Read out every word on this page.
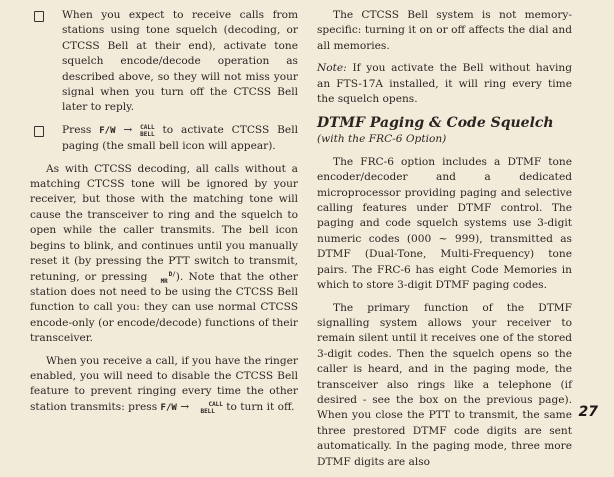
When you expect to receive calls from stations using tone squelch (decoding, or CTCSS Bell at their end), activate tone squelch encode/decode operation as described above, so they will not miss your signal when you turn off the CTCSS Bell later to reply.

Press F/W → CALL
BELL to activate CTCSS Bell paging (the small bell icon will appear).

As with CTCSS decoding, all calls without a matching CTCSS tone will be ignored by your receiver, but those with the matching tone will cause the transceiver to ring and the squelch to open while the caller transmits. The bell icon begins to blink, and continues until you manually reset it (by pressing the PTT switch to transmit, retuning, or pressing	D/
MR ). Note that the other station does not need to be using the CTCSS Bell function to call you: they can use normal CTCSS encode-only (or encode/decode) functions of their transceiver.

When you receive a call, if you have the ringer enabled, you will need to disable the CTCSS Bell feature to prevent ringing every time the other station transmits: press F/W →	CALL
BELL to turn it off.

The CTCSS Bell system is not memory-specific: turning it on or off affects the dial and all memories.

Note: If you activate the Bell without having an FTS-17A installed, it will ring every time the squelch opens.

DTMF Paging & Code Squelch
(with the FRC-6 Option)

The FRC-6 option includes a DTMF tone encoder/decoder and a dedicated microprocessor providing paging and selective calling features under DTMF control. The paging and code squelch systems use 3-digit numeric codes (000 ~ 999), transmitted as DTMF (Dual-Tone, Multi-Frequency) tone pairs. The FRC-6 has eight Code Memories in which to store 3-digit DTMF paging codes.

The primary function of the DTMF signalling system allows your receiver to remain silent until it receives one of the stored 3-digit codes. Then the squelch opens so the caller is heard, and in the paging mode, the transceiver also rings like a telephone (if desired - see the box on the previous page). When you close the PTT to transmit, the same three prestored DTMF code digits are sent automatically. In the paging mode, three more DTMF digits are also

27
